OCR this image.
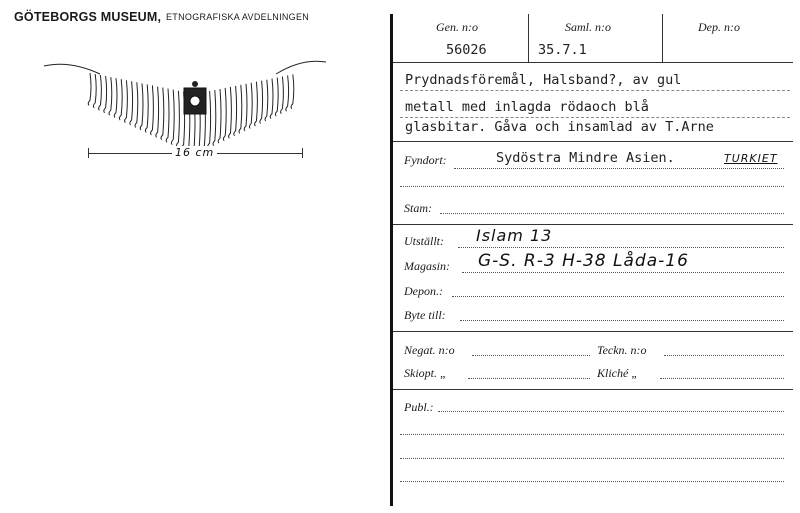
GÖTEBORGS MUSEUM, ETNOGRAFISKA AVDELNINGEN
16 cm
Gen. n:o
56026
Saml. n:o
35.7.1
Dep. n:o
Prydnadsföremål, Halsband?, av gul
metall med inlagda rödaoch blå
glasbitar. Gåva och insamlad av T.Arne
Fyndort:	Sydöstra Mindre Asien.	TURKIET
Stam:
Utställt: Islam 13
Magasin: G-S. R-3 H-38 Låda-16
Depon.:
Byte till:
Negat. n:o	Teckn. n:o
Skiopt. „	Kliché „
Publ.:
